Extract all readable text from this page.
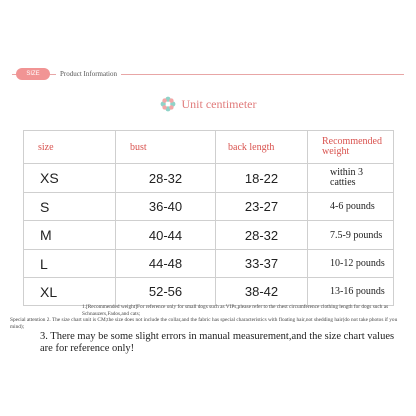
SIZE	Product Information
Unit centimeter
size	bust	back length	Recommended weight
XS	28-32	18-22	within 3 catties
S	36-40	23-27	4-6 pounds
M	40-44	28-32	7.5-9 pounds
L	44-48	33-37	10-12 pounds
XL	52-56	38-42	13-16 pounds
1.[Recommended weight]For reference only for small dogs such as VIPs,please refer to the chest circumference clothing length for dogs such as Schnauzers,Fados,and cats;
Special attention 2. The size chart unit is CM;the size does not include the collar,and the fabric has special characteristics with floating hair,not shedding hair(do not take photos if you mind);
3. There may be some slight errors in manual measurement,and the size chart values are for reference only!
